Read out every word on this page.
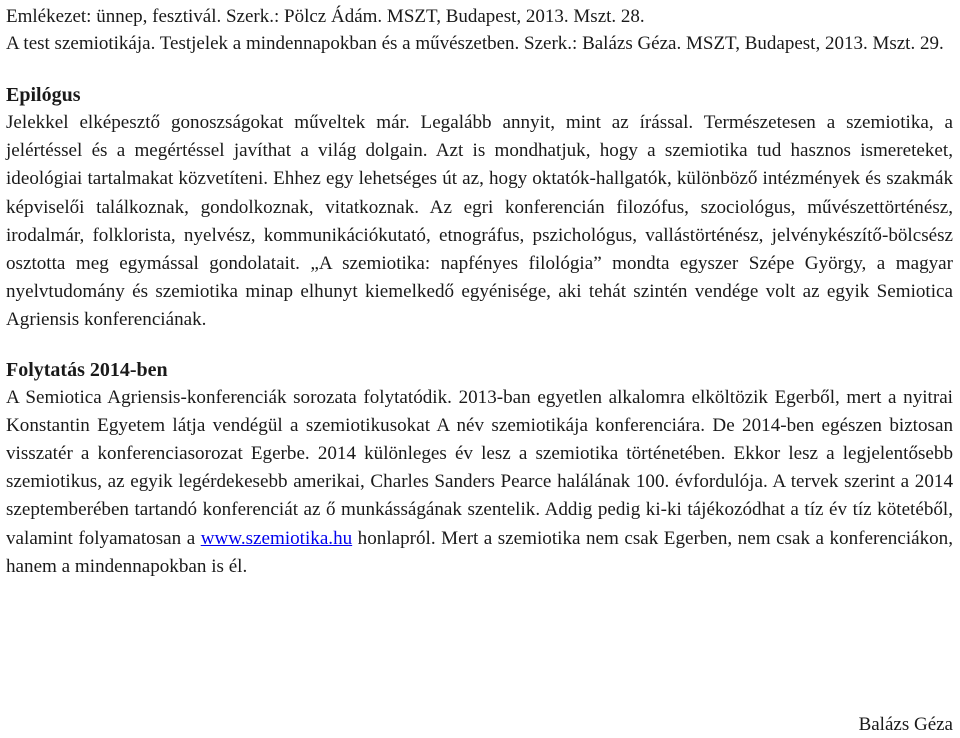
Emlékezet: ünnep, fesztivál. Szerk.: Pölcz Ádám. MSZT, Budapest, 2013. Mszt. 28.

A test szemiotikája. Testjelek a mindennapokban és a művészetben. Szerk.: Balázs Géza. MSZT, Budapest, 2013. Mszt. 29.

Epilógus

Jelekkel elképesztő gonoszságokat műveltek már. Legalább annyit, mint az írással. Természetesen a szemiotika, a jelértéssel és a megértéssel javíthat a világ dolgain. Azt is mondhatjuk, hogy a szemiotika tud hasznos ismereteket, ideológiai tartalmakat közvetíteni. Ehhez egy lehetséges út az, hogy oktatók-hallgatók, különböző intézmények és szakmák képviselői találkoznak, gondolkoznak, vitatkoznak. Az egri konferencián filozófus, szociológus, művészettörténész, irodalmár, folklorista, nyelvész, kommunikációkutató, etnográfus, pszichológus, vallástörténész, jelvénykészítő-bölcsész osztotta meg egymással gondolatait. „A szemiotika: napfényes filológia” mondta egyszer Szépe György, a magyar nyelvtudomány és szemiotika minap elhunyt kiemelkedő egyénisége, aki tehát szintén vendége volt az egyik Semiotica Agriensis konferenciának.

Folytatás 2014-ben

A Semiotica Agriensis-konferenciák sorozata folytatódik. 2013-ban egyetlen alkalomra elköltözik Egerből, mert a nyitrai Konstantin Egyetem látja vendégül a szemiotikusokat A név szemiotikája konferenciára. De 2014-ben egészen biztosan visszatér a konferenciasorozat Egerbe. 2014 különleges év lesz a szemiotika történetében. Ekkor lesz a legjelentősebb szemiotikus, az egyik legérdekesebb amerikai, Charles Sanders Pearce halálának 100. évfordulója. A tervek szerint a 2014 szeptemberében tartandó konferenciát az ő munkásságának szentelik. Addig pedig ki-ki tájékozódhat a tíz év tíz kötetéből, valamint folyamatosan a www.szemiotika.hu honlapról. Mert a szemiotika nem csak Egerben, nem csak a konferenciákon, hanem a mindennapokban is él.

Balázs Géza
